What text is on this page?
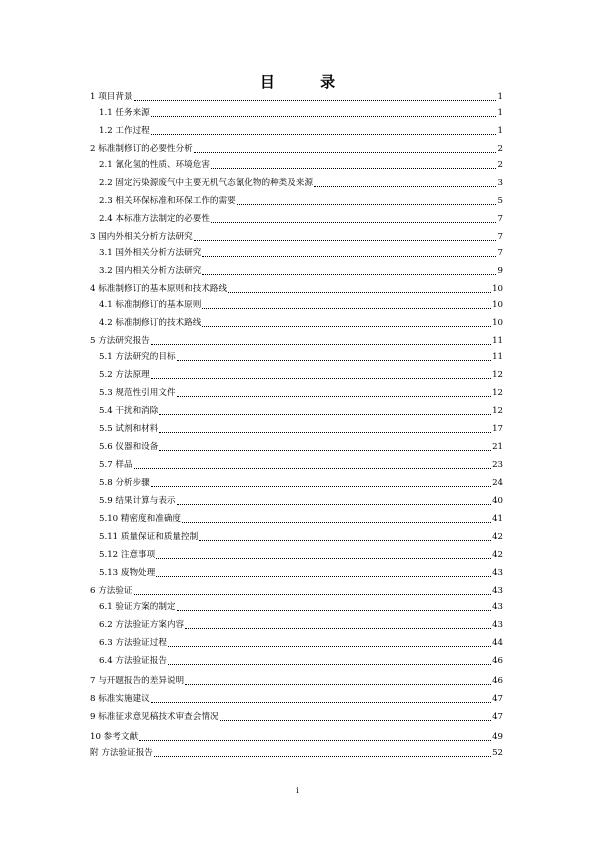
目 录
1 项目背景	1
1.1 任务来源	1
1.2 工作过程	1
2 标准制修订的必要性分析	2
2.1 氰化氢的性质、环境危害	2
2.2 固定污染源废气中主要无机气态氰化物的种类及来源	3
2.3 相关环保标准和环保工作的需要	5
2.4 本标准方法制定的必要性	7
3 国内外相关分析方法研究	7
3.1 国外相关分析方法研究	7
3.2 国内相关分析方法研究	9
4 标准制修订的基本原则和技术路线	10
4.1 标准制修订的基本原则	10
4.2 标准制修订的技术路线	10
5 方法研究报告	11
5.1 方法研究的目标	11
5.2 方法原理	12
5.3 规范性引用文件	12
5.4 干扰和消除	12
5.5 试剂和材料	17
5.6 仪器和设备	21
5.7 样品	23
5.8 分析步骤	24
5.9 结果计算与表示	40
5.10 精密度和准确度	41
5.11 质量保证和质量控制	42
5.12 注意事项	42
5.13 废物处理	43
6 方法验证	43
6.1 验证方案的制定	43
6.2 方法验证方案内容	43
6.3 方法验证过程	44
6.4 方法验证报告	46
7 与开题报告的差异说明	46
8 标准实施建议	47
9 标准征求意见稿技术审查会情况	47
10 参考文献	49
附 方法验证报告	52
i
